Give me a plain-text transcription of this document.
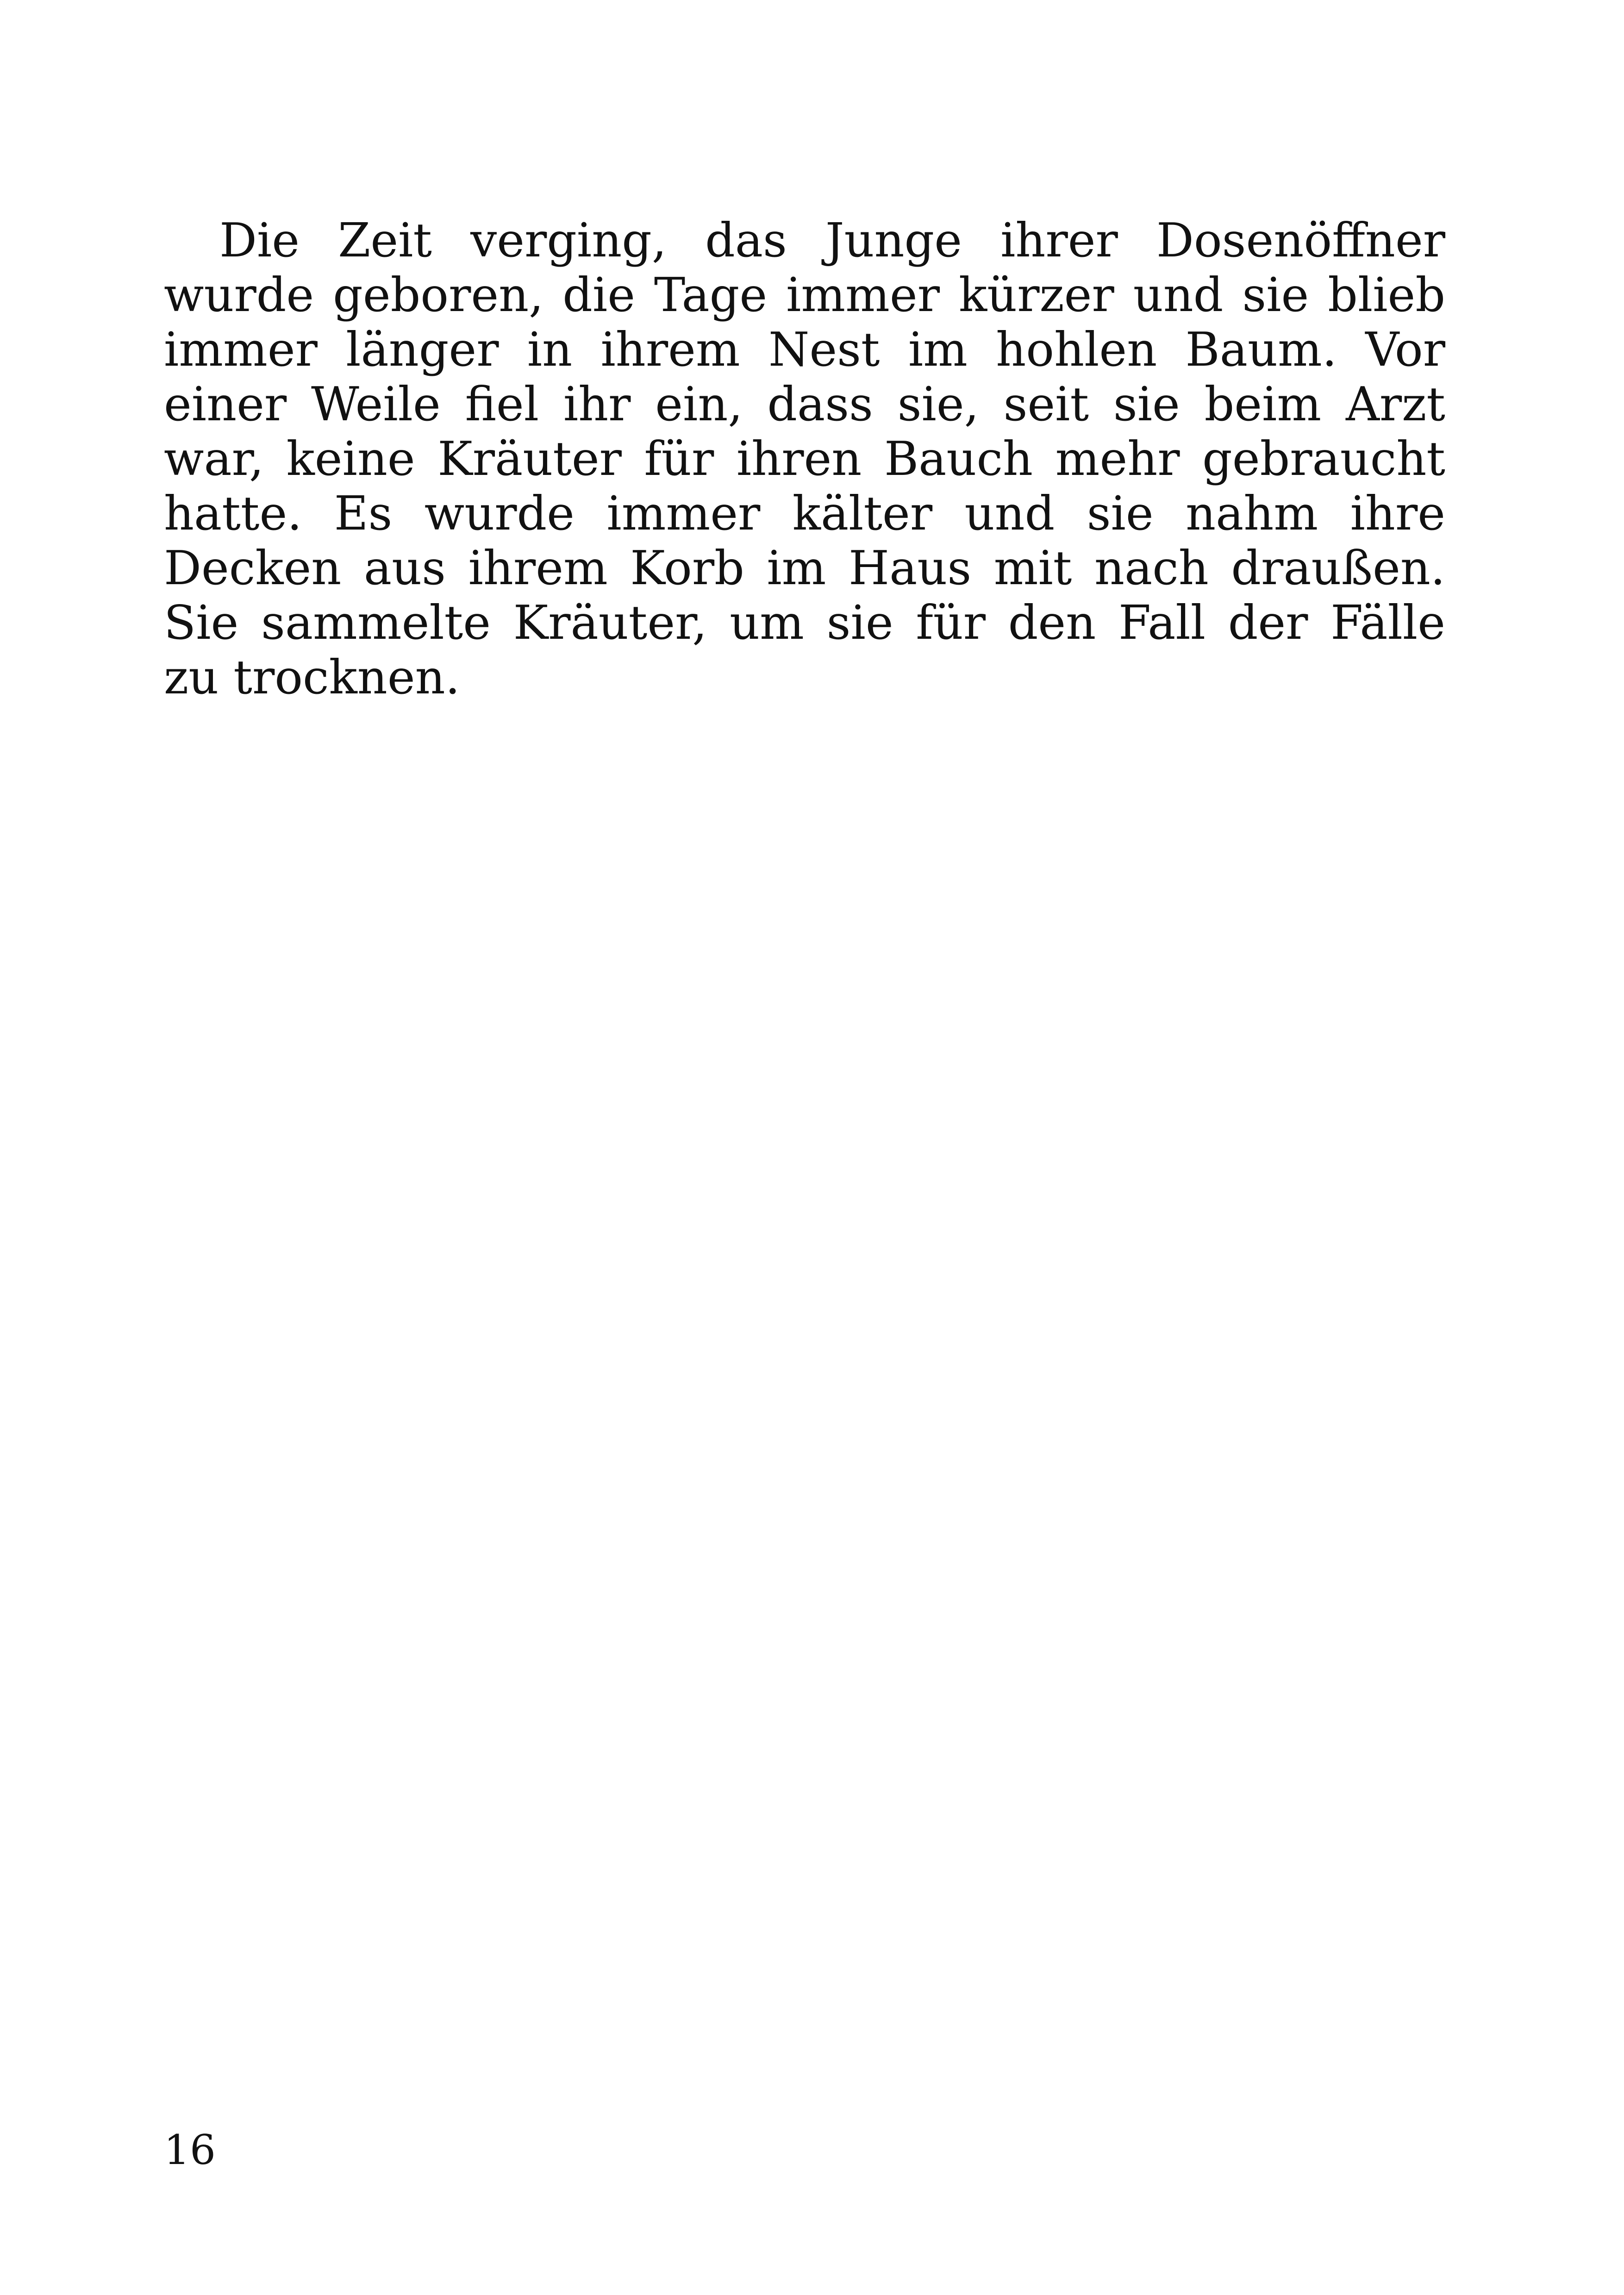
Die Zeit verging, das Junge ihrer Dosenöffner
wurde geboren, die Tage immer kürzer und sie blieb
immer länger in ihrem Nest im hohlen Baum. Vor
einer Weile fiel ihr ein, dass sie, seit sie beim Arzt
war, keine Kräuter für ihren Bauch mehr gebraucht
hatte. Es wurde immer kälter und sie nahm ihre
Decken aus ihrem Korb im Haus mit nach draußen.
Sie sammelte Kräuter, um sie für den Fall der Fälle
zu trocknen.
16
